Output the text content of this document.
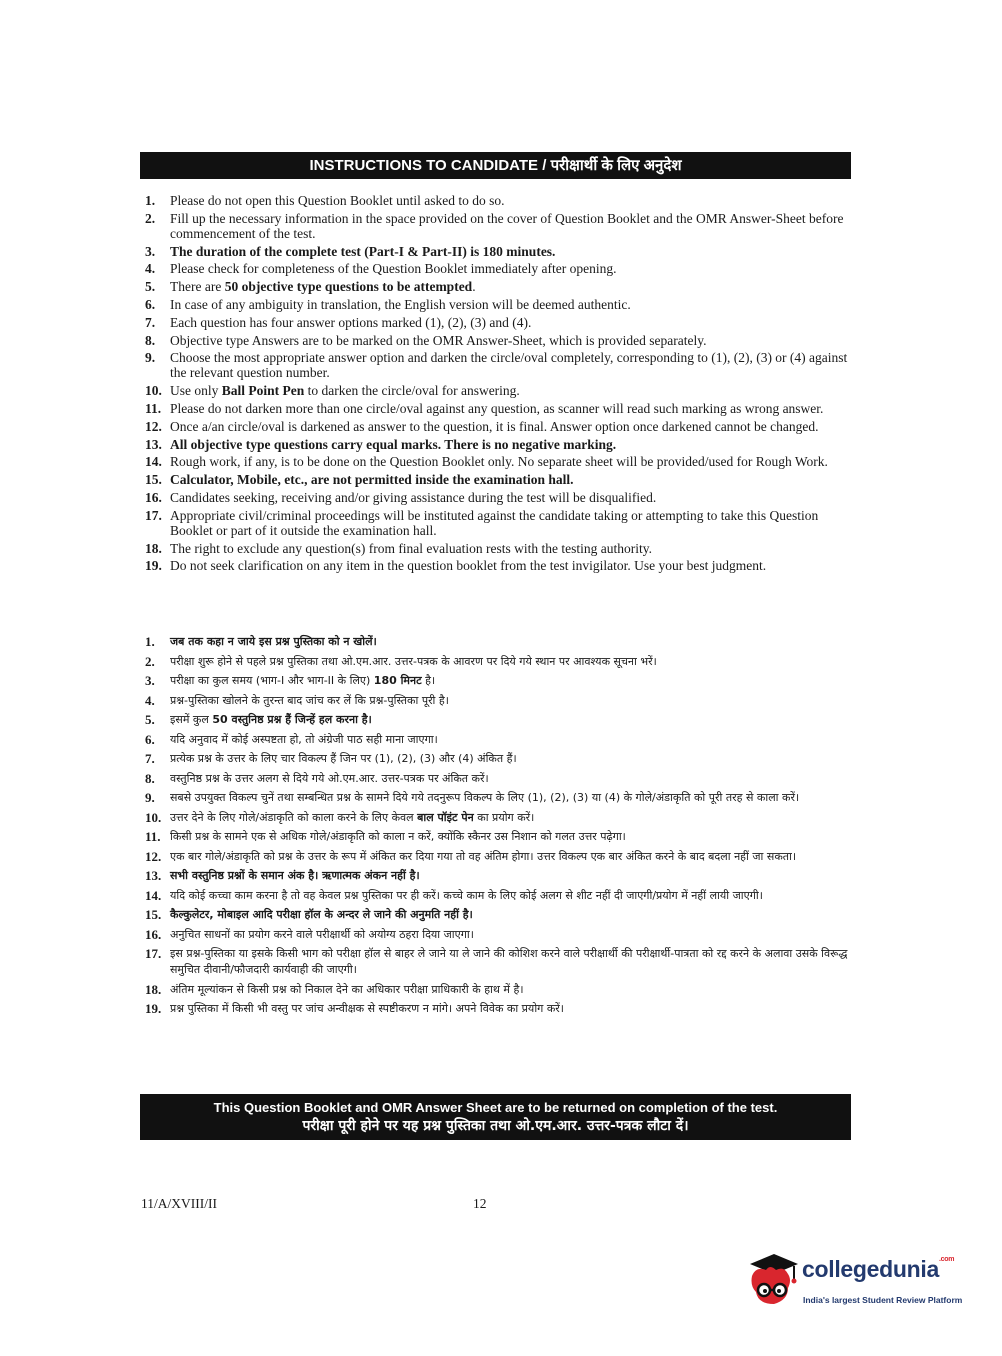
INSTRUCTIONS TO CANDIDATE / परीक्षार्थी के लिए अनुदेश
1. Please do not open this Question Booklet until asked to do so.
2. Fill up the necessary information in the space provided on the cover of Question Booklet and the OMR Answer-Sheet before commencement of the test.
3. The duration of the complete test (Part-I & Part-II) is 180 minutes.
4. Please check for completeness of the Question Booklet immediately after opening.
5. There are 50 objective type questions to be attempted.
6. In case of any ambiguity in translation, the English version will be deemed authentic.
7. Each question has four answer options marked (1), (2), (3) and (4).
8. Objective type Answers are to be marked on the OMR Answer-Sheet, which is provided separately.
9. Choose the most appropriate answer option and darken the circle/oval completely, corresponding to (1), (2), (3) or (4) against the relevant question number.
10. Use only Ball Point Pen to darken the circle/oval for answering.
11. Please do not darken more than one circle/oval against any question, as scanner will read such marking as wrong answer.
12. Once a/an circle/oval is darkened as answer to the question, it is final. Answer option once darkened cannot be changed.
13. All objective type questions carry equal marks. There is no negative marking.
14. Rough work, if any, is to be done on the Question Booklet only. No separate sheet will be provided/used for Rough Work.
15. Calculator, Mobile, etc., are not permitted inside the examination hall.
16. Candidates seeking, receiving and/or giving assistance during the test will be disqualified.
17. Appropriate civil/criminal proceedings will be instituted against the candidate taking or attempting to take this Question Booklet or part of it outside the examination hall.
18. The right to exclude any question(s) from final evaluation rests with the testing authority.
19. Do not seek clarification on any item in the question booklet from the test invigilator. Use your best judgment.
1. जब तक कहा न जाये इस प्रश्न पुस्तिका को न खोलें।
2. परीक्षा शुरू होने से पहले प्रश्न पुस्तिका तथा ओ.एम.आर. उत्तर-पत्रक के आवरण पर दिये गये स्थान पर आवश्यक सूचना भरें।
3. परीक्षा का कुल समय (भाग-I और भाग-II के लिए) 180 मिनट है।
4. प्रश्न-पुस्तिका खोलने के तुरन्त बाद जांच कर लें कि प्रश्न-पुस्तिका पूरी है।
5. इसमें कुल 50 वस्तुनिष्ठ प्रश्न हैं जिन्हें हल करना है।
6. यदि अनुवाद में कोई अस्पष्टता हो, तो अंग्रेजी पाठ सही माना जाएगा।
7. प्रत्येक प्रश्न के उत्तर के लिए चार विकल्प हैं जिन पर (1), (2), (3) और (4) अंकित हैं।
8. वस्तुनिष्ठ प्रश्न के उत्तर अलग से दिये गये ओ.एम.आर. उत्तर-पत्रक पर अंकित करें।
9. सबसे उपयुक्त विकल्प चुनें तथा सम्बन्धित प्रश्न के सामने दिये गये तदनुरूप विकल्प के लिए (1), (2), (3) या (4) के गोले/अंडाकृति को पूरी तरह से काला करें।
10. उत्तर देने के लिए गोले/अंडाकृति को काला करने के लिए केवल बाल पॉइंट पेन का प्रयोग करें।
11. किसी प्रश्न के सामने एक से अधिक गोले/अंडाकृति को काला न करें, क्योंकि स्कैनर उस निशान को गलत उत्तर पढ़ेगा।
12. एक बार गोले/अंडाकृति को प्रश्न के उत्तर के रूप में अंकित कर दिया गया तो वह अंतिम होगा। उत्तर विकल्प एक बार अंकित करने के बाद बदला नहीं जा सकता।
13. सभी वस्तुनिष्ठ प्रश्नों के समान अंक है। ऋणात्मक अंकन नहीं है।
14. यदि कोई कच्चा काम करना है तो वह केवल प्रश्न पुस्तिका पर ही करें। कच्चे काम के लिए कोई अलग से शीट नहीं दी जाएगी/प्रयोग में नहीं लायी जाएगी।
15. कैल्कुलेटर, मोबाइल आदि परीक्षा हॉल के अन्दर ले जाने की अनुमति नहीं है।
16. अनुचित साधनों का प्रयोग करने वाले परीक्षार्थी को अयोग्य ठहरा दिया जाएगा।
17. इस प्रश्न-पुस्तिका या इसके किसी भाग को परीक्षा हॉल से बाहर ले जाने या ले जाने की कोशिश करने वाले परीक्षार्थी की परीक्षार्थी-पात्रता को रद्द करने के अलावा उसके विरूद्ध समुचित दीवानी/फौजदारी कार्यवाही की जाएगी।
18. अंतिम मूल्यांकन से किसी प्रश्न को निकाल देने का अधिकार परीक्षा प्राधिकारी के हाथ में है।
19. प्रश्न पुस्तिका में किसी भी वस्तु पर जांच अन्वीक्षक से स्पष्टीकरण न मांगे। अपने विवेक का प्रयोग करें।
This Question Booklet and OMR Answer Sheet are to be returned on completion of the test.
परीक्षा पूरी होने पर यह प्रश्न पुस्तिका तथा ओ.एम.आर. उत्तर-पत्रक लौटा दें।
11/A/XVIII/II	12
collegedunia$^{.com}$
India's largest Student Review Platform
